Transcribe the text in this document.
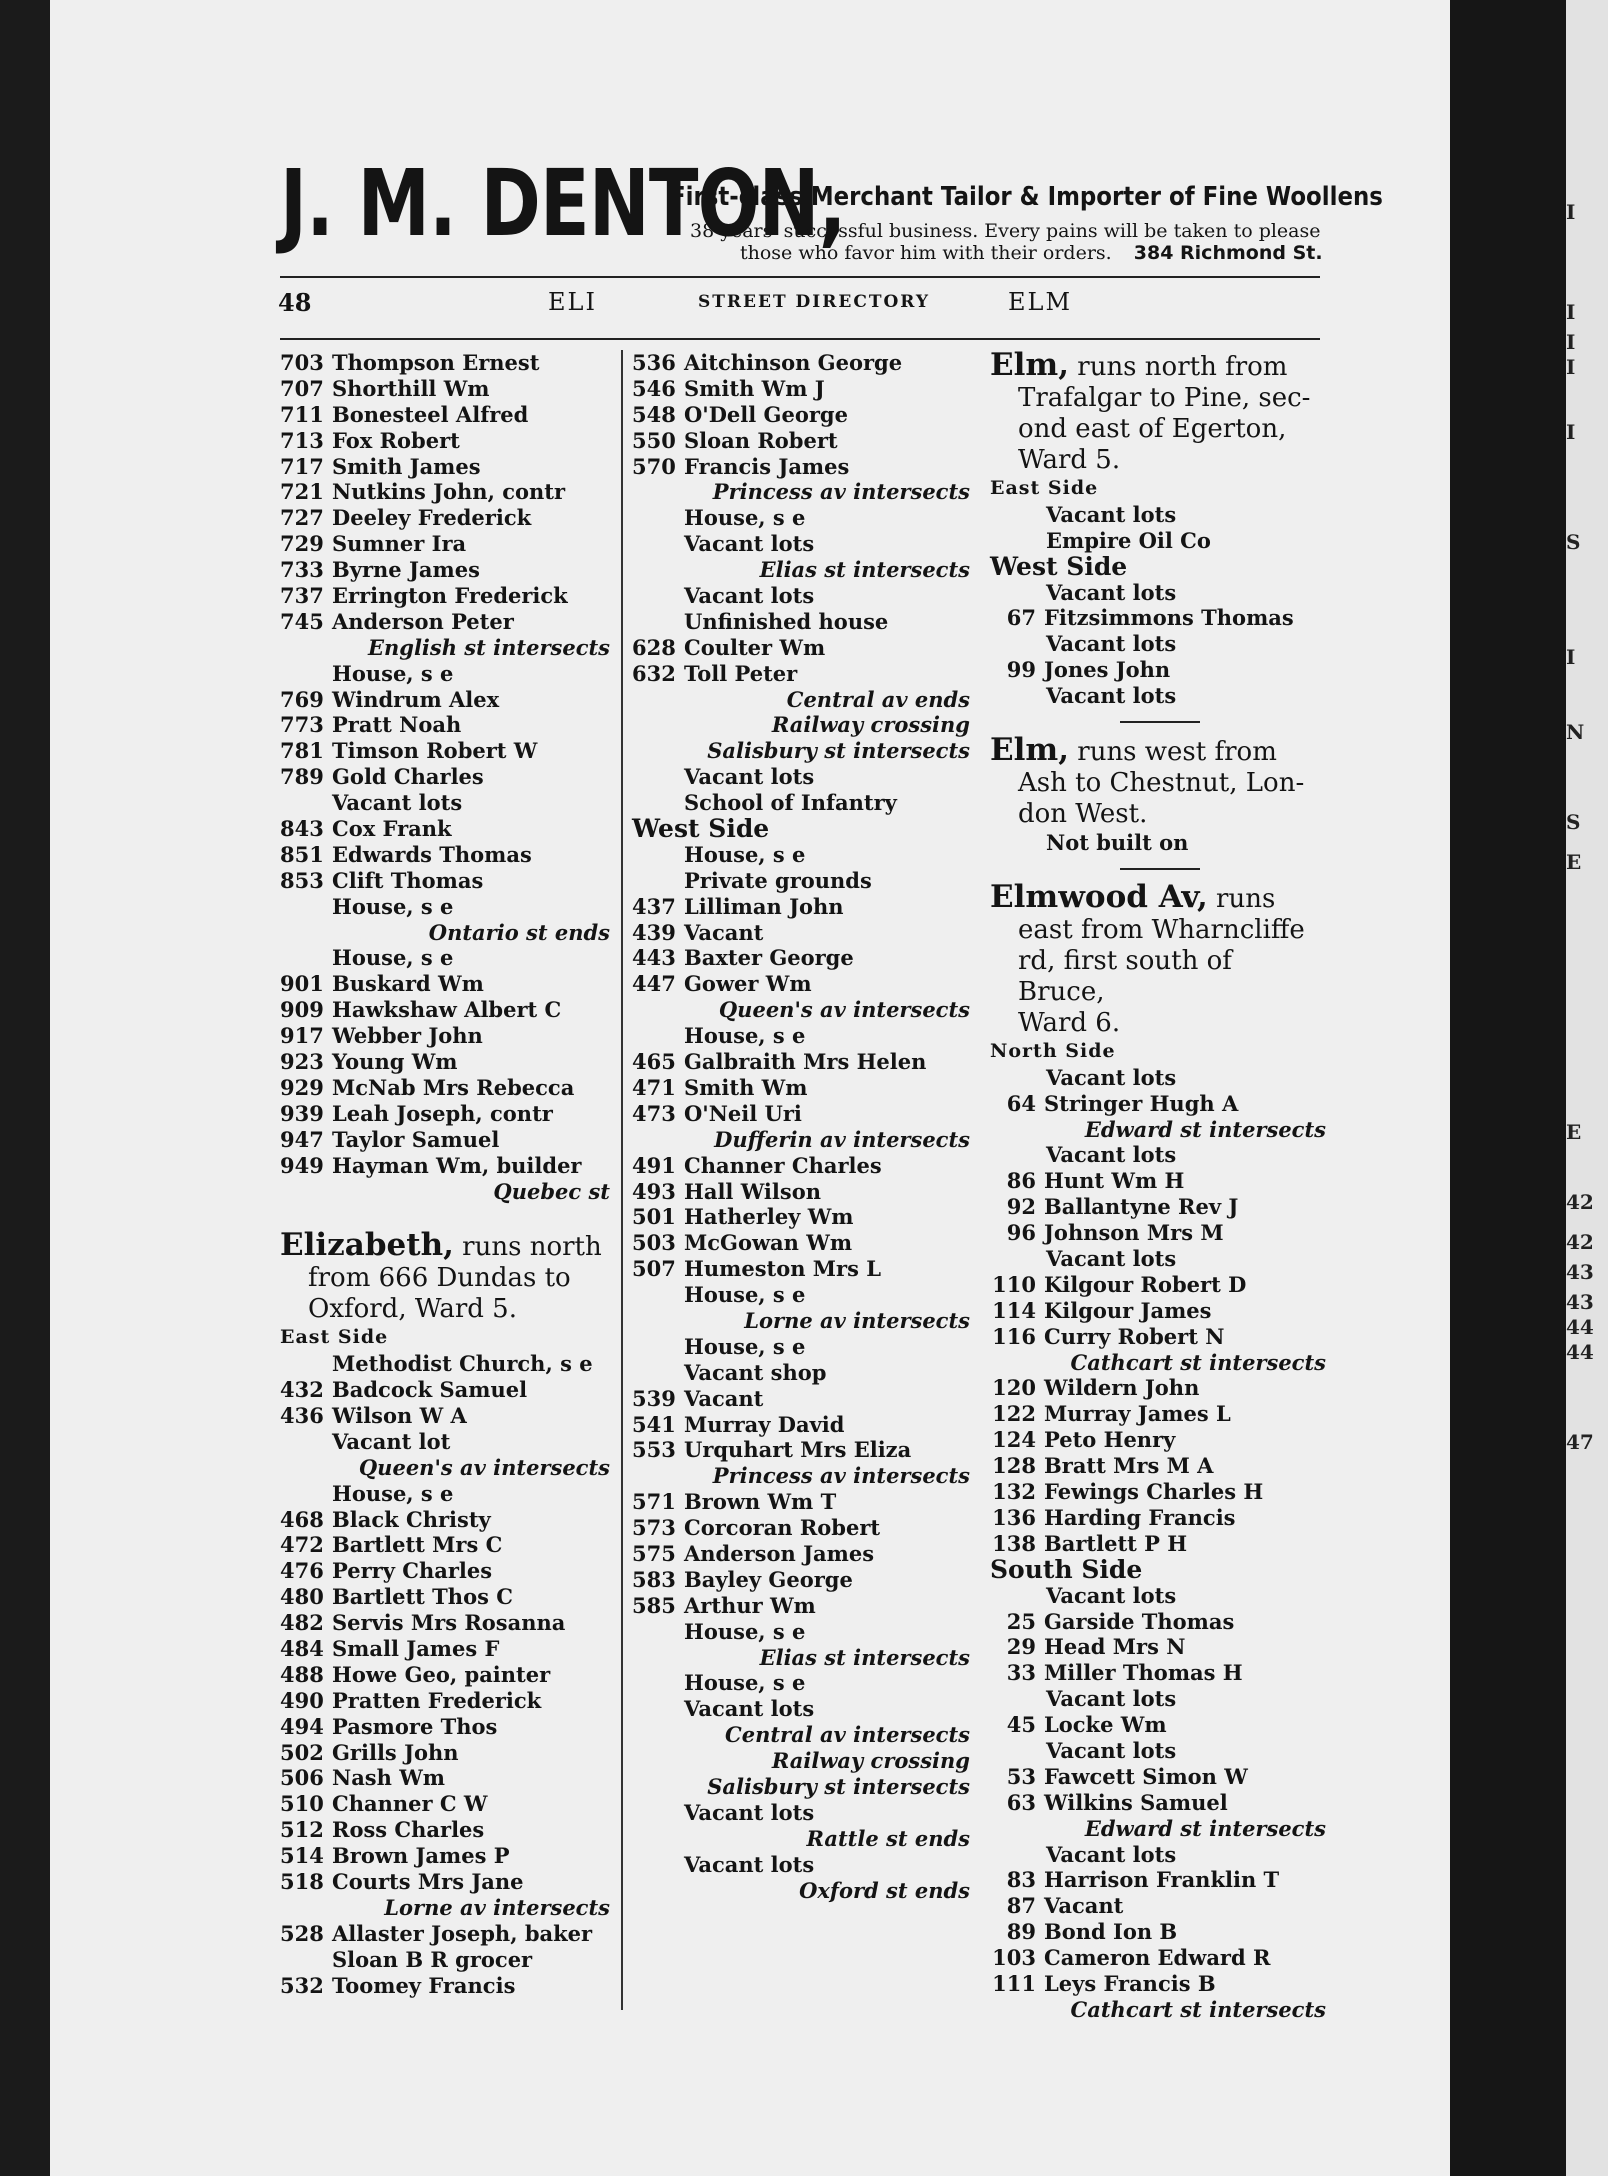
I
I
I
I
I
S
I
N
S
E
E
42
42
43
43
44
44
47
J. M. DENTON,
First-class Merchant Tailor & Importer of Fine Woollens
38 years' successful business. Every pains will be taken to please
those who favor him with their orders. 384 Richmond St.
48	ELI	STREET DIRECTORY	ELM
703 Thompson Ernest
707 Shorthill Wm
711 Bonesteel Alfred
713 Fox Robert
717 Smith James
721 Nutkins John, contr
727 Deeley Frederick
729 Sumner Ira
733 Byrne James
737 Errington Frederick
745 Anderson Peter
English st intersects
House, s e
769 Windrum Alex
773 Pratt Noah
781 Timson Robert W
789 Gold Charles
Vacant lots
843 Cox Frank
851 Edwards Thomas
853 Clift Thomas
House, s e
Ontario st ends
House, s e
901 Buskard Wm
909 Hawkshaw Albert C
917 Webber John
923 Young Wm
929 McNab Mrs Rebecca
939 Leah Joseph, contr
947 Taylor Samuel
949 Hayman Wm, builder
Quebec st
Elizabeth, runs north
from 666 Dundas to
Oxford, Ward 5.
East Side
Methodist Church, s e
432 Badcock Samuel
436 Wilson W A
Vacant lot
Queen's av intersects
House, s e
468 Black Christy
472 Bartlett Mrs C
476 Perry Charles
480 Bartlett Thos C
482 Servis Mrs Rosanna
484 Small James F
488 Howe Geo, painter
490 Pratten Frederick
494 Pasmore Thos
502 Grills John
506 Nash Wm
510 Channer C W
512 Ross Charles
514 Brown James P
518 Courts Mrs Jane
Lorne av intersects
528 Allaster Joseph, baker
Sloan B R grocer
532 Toomey Francis
536 Aitchinson George
546 Smith Wm J
548 O'Dell George
550 Sloan Robert
570 Francis James
Princess av intersects
House, s e
Vacant lots
Elias st intersects
Vacant lots
Unfinished house
628 Coulter Wm
632 Toll Peter
Central av ends
Railway crossing
Salisbury st intersects
Vacant lots
School of Infantry
West Side
House, s e
Private grounds
437 Lilliman John
439 Vacant
443 Baxter George
447 Gower Wm
Queen's av intersects
House, s e
465 Galbraith Mrs Helen
471 Smith Wm
473 O'Neil Uri
Dufferin av intersects
491 Channer Charles
493 Hall Wilson
501 Hatherley Wm
503 McGowan Wm
507 Humeston Mrs L
House, s e
Lorne av intersects
House, s e
Vacant shop
539 Vacant
541 Murray David
553 Urquhart Mrs Eliza
Princess av intersects
571 Brown Wm T
573 Corcoran Robert
575 Anderson James
583 Bayley George
585 Arthur Wm
House, s e
Elias st intersects
House, s e
Vacant lots
Central av intersects
Railway crossing
Salisbury st intersects
Vacant lots
Rattle st ends
Vacant lots
Oxford st ends
Elm, runs north from
Trafalgar to Pine, sec-
ond east of Egerton,
Ward 5.
East Side
Vacant lots
Empire Oil Co
West Side
Vacant lots
67 Fitzsimmons Thomas
Vacant lots
99 Jones John
Vacant lots
Elm, runs west from
Ash to Chestnut, Lon-
don West.
Not built on
Elmwood Av, runs
east from Wharncliffe
rd, first south of Bruce,
Ward 6.
North Side
Vacant lots
64 Stringer Hugh A
Edward st intersects
Vacant lots
86 Hunt Wm H
92 Ballantyne Rev J
96 Johnson Mrs M
Vacant lots
110 Kilgour Robert D
114 Kilgour James
116 Curry Robert N
Cathcart st intersects
120 Wildern John
122 Murray James L
124 Peto Henry
128 Bratt Mrs M A
132 Fewings Charles H
136 Harding Francis
138 Bartlett P H
South Side
Vacant lots
25 Garside Thomas
29 Head Mrs N
33 Miller Thomas H
Vacant lots
45 Locke Wm
Vacant lots
53 Fawcett Simon W
63 Wilkins Samuel
Edward st intersects
Vacant lots
83 Harrison Franklin T
87 Vacant
89 Bond Ion B
103 Cameron Edward R
111 Leys Francis B
Cathcart st intersects
